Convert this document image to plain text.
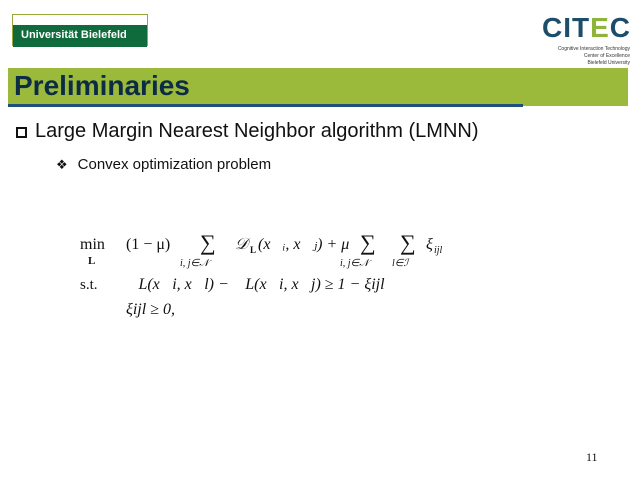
Universität Bielefeld	CITEC
Cognitive Interaction Technology
Center of Excellence
Bielefeld University
Preliminaries
Large Margin Nearest Neighbor algorithm (LMNN)
❖ Convex optimization problem
min
L
(1 − μ) ∑
i, j∈𝒩
𝒟 L (x⃗ᵢ, x⃗ⱼ) + μ ∑
i, j∈𝒩
∑
l∈ℐ
ξ ijl
s.t. 𝒟L(x⃗i, x⃗l) − 𝒟L(x⃗i, x⃗j) ≥ 1 − ξijl
ξijl ≥ 0,
11
